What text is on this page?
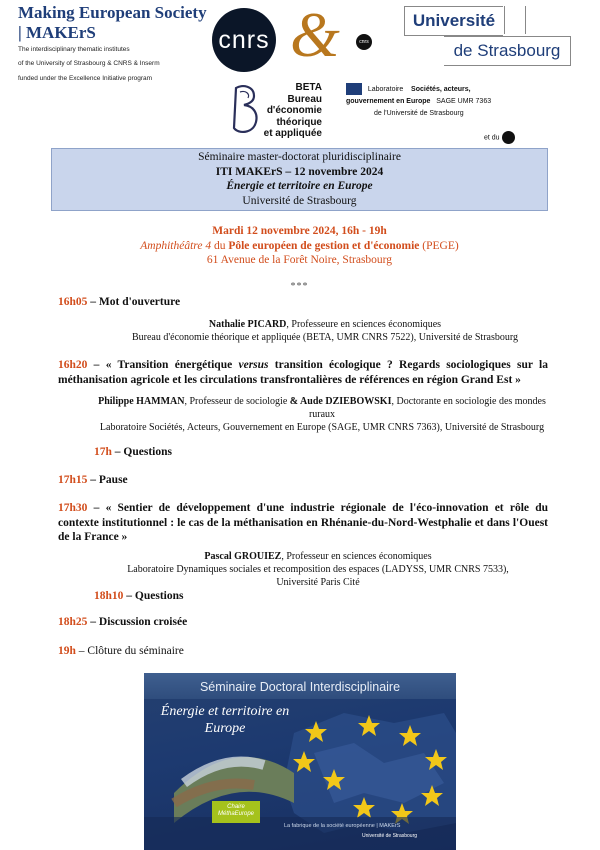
Making European Society | MAKErS
The interdisciplinary thematic institutes
of the University of Strasbourg & CNRS & Inserm
funded under the Excellence Initiative program
cnrs &	cnrs
Université
de Strasbourg
BETA
Bureau
d'économie
théorique
et appliquée
Laboratoire Sociétés, acteurs,
gouvernement en Europe SAGE UMR 7363
de l'Université de Strasbourg
et du
Séminaire master-doctorat pluridisciplinaire
ITI MAKErS – 12 novembre 2024
Énergie et territoire en Europe
Université de Strasbourg
Mardi 12 novembre 2024, 16h - 19h
Amphithéâtre 4 du Pôle européen de gestion et d'économie (PEGE)
61 Avenue de la Forêt Noire, Strasbourg
***
16h05 – Mot d'ouverture
Nathalie PICARD, Professeure en sciences économiques
Bureau d'économie théorique et appliquée (BETA, UMR CNRS 7522), Université de Strasbourg
16h20 – « Transition énergétique versus transition écologique ? Regards sociologiques sur la méthanisation agricole et les circulations transfrontalières de références en région Grand Est »
Philippe HAMMAN, Professeur de sociologie & Aude DZIEBOWSKI, Doctorante en sociologie des mondes ruraux
Laboratoire Sociétés, Acteurs, Gouvernement en Europe (SAGE, UMR CNRS 7363), Université de Strasbourg
17h – Questions
17h15 – Pause
17h30 – « Sentier de développement d'une industrie régionale de l'éco-innovation et rôle du contexte institutionnel : le cas de la méthanisation en Rhénanie-du-Nord-Westphalie et dans l'Ouest de la France »
Pascal GROUIEZ, Professeur en sciences économiques
Laboratoire Dynamiques sociales et recomposition des espaces (LADYSS, UMR CNRS 7533),
Université Paris Cité
18h10 – Questions
18h25 – Discussion croisée
19h – Clôture du séminaire
Séminaire Doctoral Interdisciplinaire
Énergie et territoire en Europe
Chaire MéthaEurope
La fabrique de la société européenne | MAKErS
Université de Strasbourg
